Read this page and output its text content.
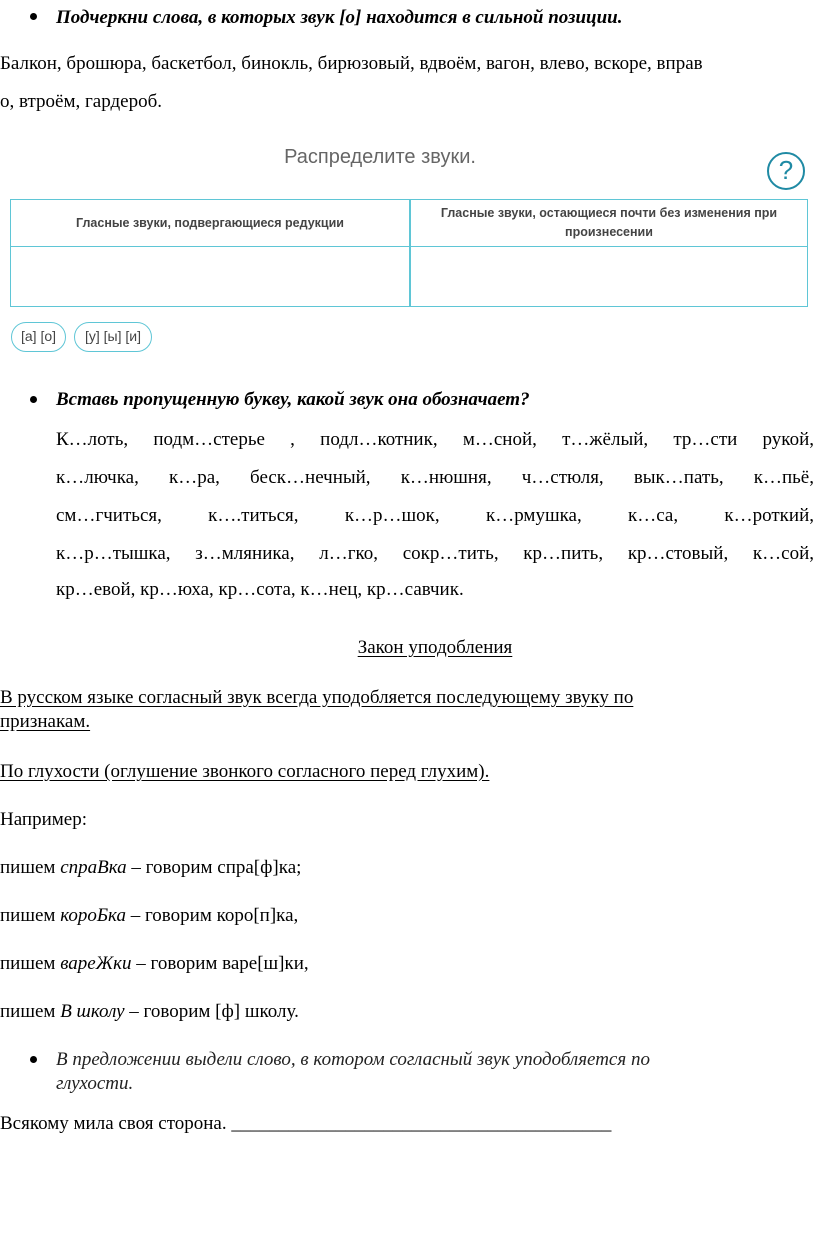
Подчеркни слова, в которых звук [о] находится в сильной позиции.
Балкон, брошюра, баскетбол, бинокль, бирюзовый, вдвоём, вагон, влево, вскоре, вправ
о, втроём, гардероб.
Распределите звуки.	?
Гласные звуки, подвергающиеся редукции
Гласные звуки, остающиеся почти без изменения при
произнесении
[а] [о]	[у] [ы] [и]
Вставь пропущенную букву, какой звук она обозначает?
К…лоть, подм…стерье , подл…котник, м…сной, т…жёлый, тр…сти рукой,
к…лючка, к…ра, беск…нечный, к…нюшня, ч…стюля, вык…пать, к…пьё,
см…гчиться, к….титься, к…р…шок, к…рмушка, к…са, к…роткий,
к…р…тышка, з…мляника, л…гко, сокр…тить, кр…пить, кр…стовый, к…сой,
кр…евой, кр…юха, кр…сота, к…нец, кр…савчик.
Закон уподобления
В русском языке согласный звук всегда уподобляется последующему звуку по
признакам.
По глухости (оглушение звонкого согласного перед глухим).
Например:
пишем спраВка – говорим спра[ф]ка;
пишем короБка – говорим коро[п]ка,
пишем вареЖки – говорим варе[ш]ки,
пишем В школу – говорим [ф] школу.
В предложении выдели слово, в котором согласный звук уподобляется по
глухости.
Всякому мила своя сторона. ________________________________________
